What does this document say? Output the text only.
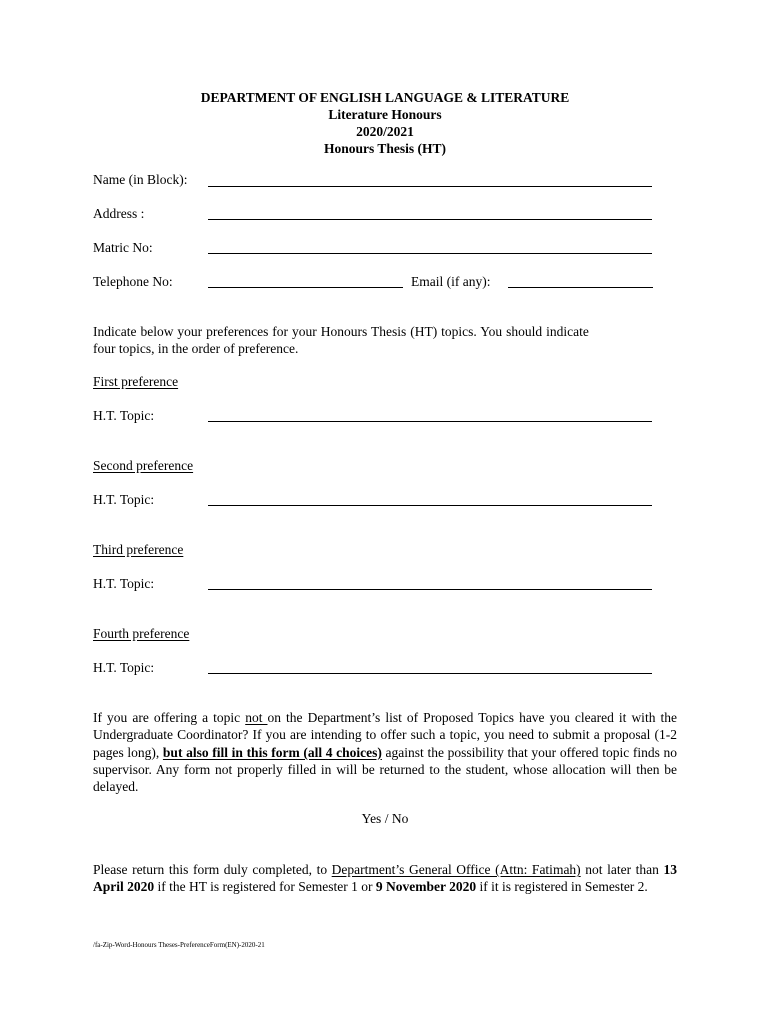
DEPARTMENT OF ENGLISH LANGUAGE & LITERATURE
Literature Honours
2020/2021
Honours Thesis (HT)
Name (in Block):
Address :
Matric No:
Telephone No:	Email (if any):
Indicate below your preferences for your Honours Thesis (HT) topics. You should indicate
four topics, in the order of preference.
First preference
H.T. Topic:
Second preference
H.T. Topic:
Third preference
H.T. Topic:
Fourth preference
H.T. Topic:
If you are offering a topic not on the Department’s list of Proposed Topics have you cleared it with the Undergraduate Coordinator? If you are intending to offer such a topic, you need to submit a proposal (1-2 pages long), but also fill in this form (all 4 choices) against the possibility that your offered topic finds no supervisor. Any form not properly filled in will be returned to the student, whose allocation will then be delayed.
Yes / No
Please return this form duly completed, to Department’s General Office (Attn: Fatimah) not later than 13 April 2020 if the HT is registered for Semester 1 or 9 November 2020 if it is registered in Semester 2.
/fa-Zip-Word-Honours Theses-PreferenceForm(EN)-2020-21
